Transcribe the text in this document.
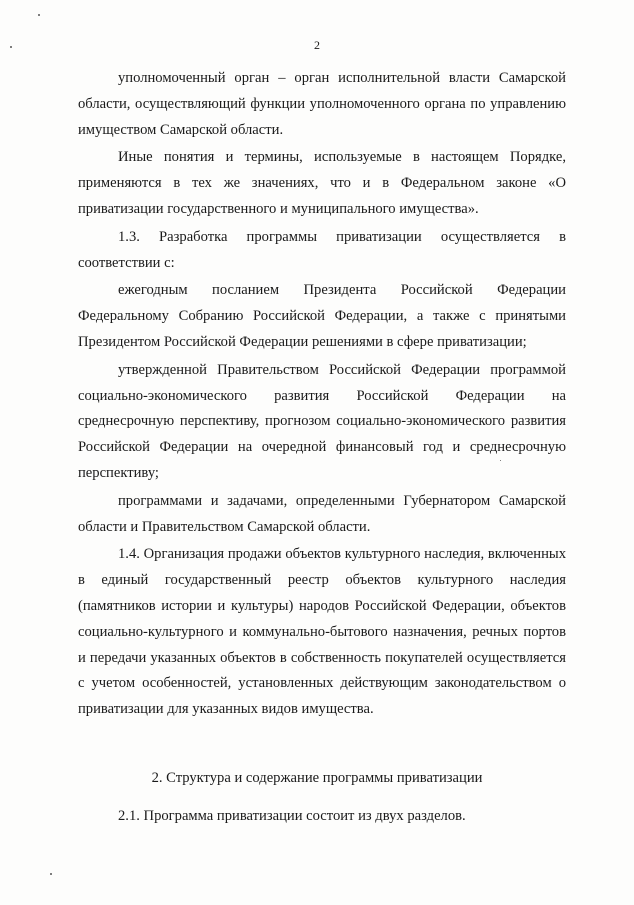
2

уполномоченный орган – орган исполнительной власти Самарской области, осуществляющий функции уполномоченного органа по управлению имуществом Самарской области.

Иные понятия и термины, используемые в настоящем Порядке, применяются в тех же значениях, что и в Федеральном законе «О приватизации государственного и муниципального имущества».

1.3. Разработка программы приватизации осуществляется в соответствии с:

ежегодным посланием Президента Российской Федерации Федеральному Собранию Российской Федерации, а также с принятыми Президентом Российской Федерации решениями в сфере приватизации;

утвержденной Правительством Российской Федерации программой социально-экономического развития Российской Федерации на среднесрочную перспективу, прогнозом социально-экономического развития Российской Федерации на очередной финансовый год и среднесрочную перспективу;

программами и задачами, определенными Губернатором Самарской области и Правительством Самарской области.

1.4. Организация продажи объектов культурного наследия, включенных в единый государственный реестр объектов культурного наследия (памятников истории и культуры) народов Российской Федерации, объектов социально-культурного и коммунально-бытового назначения, речных портов и передачи указанных объектов в собственность покупателей осуществляется с учетом особенностей, установленных действующим законодательством о приватизации для указанных видов имущества.

2. Структура и содержание программы приватизации

2.1. Программа приватизации состоит из двух разделов.
